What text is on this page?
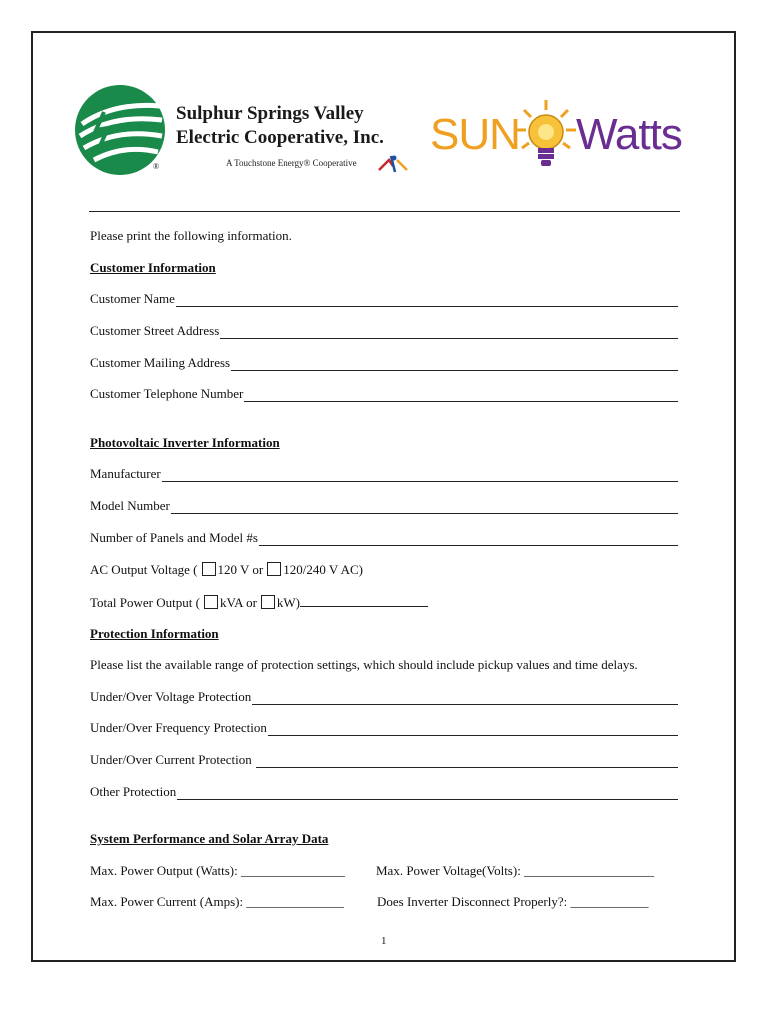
®
Sulphur Springs Valley
Electric Cooperative, Inc.
A Touchstone Energy® Cooperative
SUN Watts
Please print the following information.
Customer Information
Customer Name
Customer Street Address
Customer Mailing Address
Customer Telephone Number
Photovoltaic Inverter Information
Manufacturer
Model Number
Number of Panels and Model #s
AC Output Voltage ( 120 V or 120/240 V AC)
Total Power Output ( kVA or kW)
Protection Information
Please list the available range of protection settings, which should include pickup values and time delays.
Under/Over Voltage Protection
Under/Over Frequency Protection
Under/Over Current Protection
Other Protection
System Performance and Solar Array Data
Max. Power Output (Watts): ________________ Max. Power Voltage(Volts): ____________________
Max. Power Current (Amps): _______________	Does Inverter Disconnect Properly?: ____________
1
